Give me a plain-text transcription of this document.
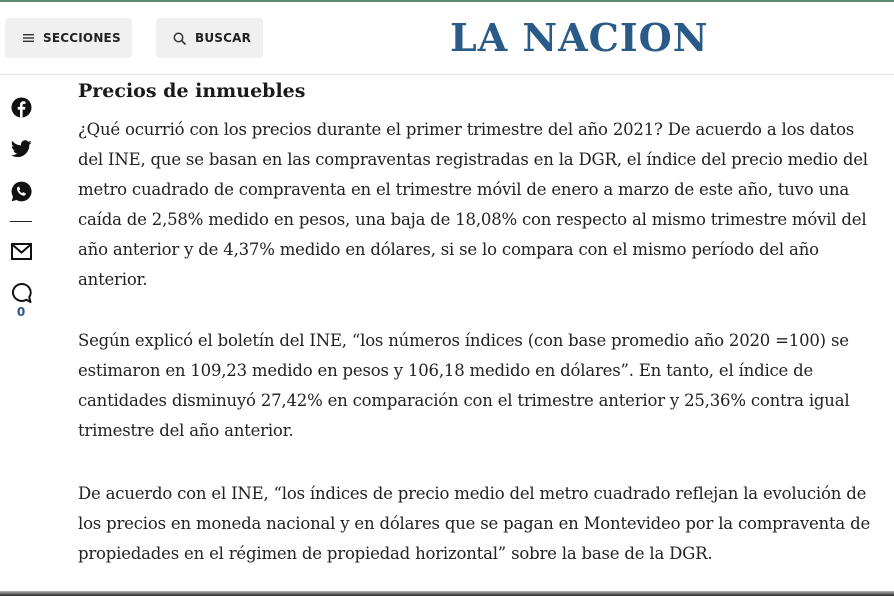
SECCIONES	BUSCAR	LA NACION
0
Precios de inmuebles

¿Qué ocurrió con los precios durante el primer trimestre del año 2021? De acuerdo a los datos
del INE, que se basan en las compraventas registradas en la DGR, el índice del precio medio del
metro cuadrado de compraventa en el trimestre móvil de enero a marzo de este año, tuvo una
caída de 2,58% medido en pesos, una baja de 18,08% con respecto al mismo trimestre móvil del
año anterior y de 4,37% medido en dólares, si se lo compara con el mismo período del año
anterior.

Según explicó el boletín del INE, “los números índices (con base promedio año 2020 =100) se
estimaron en 109,23 medido en pesos y 106,18 medido en dólares”. En tanto, el índice de
cantidades disminuyó 27,42% en comparación con el trimestre anterior y 25,36% contra igual
trimestre del año anterior.

De acuerdo con el INE, “los índices de precio medio del metro cuadrado reflejan la evolución de
los precios en moneda nacional y en dólares que se pagan en Montevideo por la compraventa de
propiedades en el régimen de propiedad horizontal” sobre la base de la DGR.
